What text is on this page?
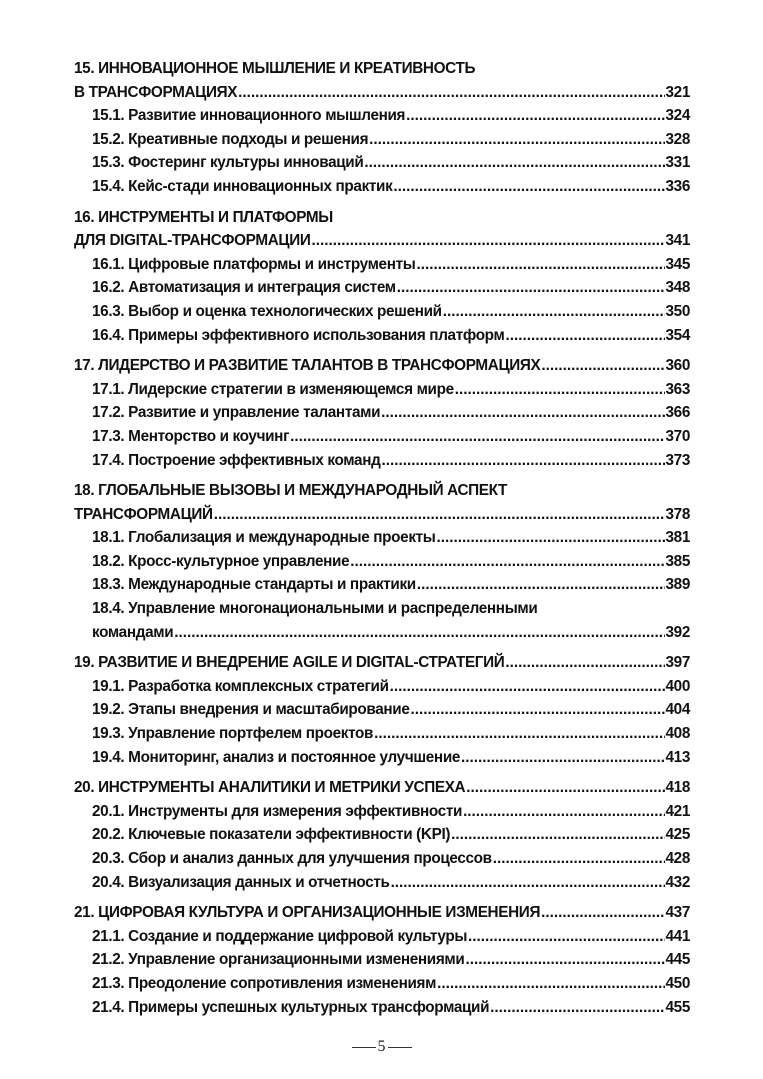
15. ИННОВАЦИОННОЕ МЫШЛЕНИЕ И КРЕАТИВНОСТЬ
В ТРАНСФОРМАЦИЯХ .....	321
15.1. Развитие инновационного мышления .....	324
15.2. Креативные подходы и решения .....	328
15.3. Фостеринг культуры инноваций .....	331
15.4. Кейс-стади инновационных практик .....	336
16. ИНСТРУМЕНТЫ И ПЛАТФОРМЫ
ДЛЯ DIGITAL-ТРАНСФОРМАЦИИ .....	341
16.1. Цифровые платформы и инструменты .....	345
16.2. Автоматизация и интеграция систем .....	348
16.3. Выбор и оценка технологических решений .....	350
16.4. Примеры эффективного использования платформ .....	354
17. ЛИДЕРСТВО И РАЗВИТИЕ ТАЛАНТОВ В ТРАНСФОРМАЦИЯХ .....	360
17.1. Лидерские стратегии в изменяющемся мире .....	363
17.2. Развитие и управление талантами .....	366
17.3. Менторство и коучинг .....	370
17.4. Построение эффективных команд .....	373
18. ГЛОБАЛЬНЫЕ ВЫЗОВЫ И МЕЖДУНАРОДНЫЙ АСПЕКТ
ТРАНСФОРМАЦИЙ .....	378
18.1. Глобализация и международные проекты .....	381
18.2. Кросс-культурное управление .....	385
18.3. Международные стандарты и практики .....	389
18.4. Управление многонациональными и распределенными
командами .....	392
19. РАЗВИТИЕ И ВНЕДРЕНИЕ AGILE И DIGITAL-СТРАТЕГИЙ .....	397
19.1. Разработка комплексных стратегий .....	400
19.2. Этапы внедрения и масштабирование .....	404
19.3. Управление портфелем проектов .....	408
19.4. Мониторинг, анализ и постоянное улучшение .....	413
20. ИНСТРУМЕНТЫ АНАЛИТИКИ И МЕТРИКИ УСПЕХА .....	418
20.1. Инструменты для измерения эффективности .....	421
20.2. Ключевые показатели эффективности (KPI) .....	425
20.3. Сбор и анализ данных для улучшения процессов .....	428
20.4. Визуализация данных и отчетность .....	432
21. ЦИФРОВАЯ КУЛЬТУРА И ОРГАНИЗАЦИОННЫЕ ИЗМЕНЕНИЯ .....	437
21.1. Создание и поддержание цифровой культуры .....	441
21.2. Управление организационными изменениями .....	445
21.3. Преодоление сопротивления изменениям .....	450
21.4. Примеры успешных культурных трансформаций .....	455
5
